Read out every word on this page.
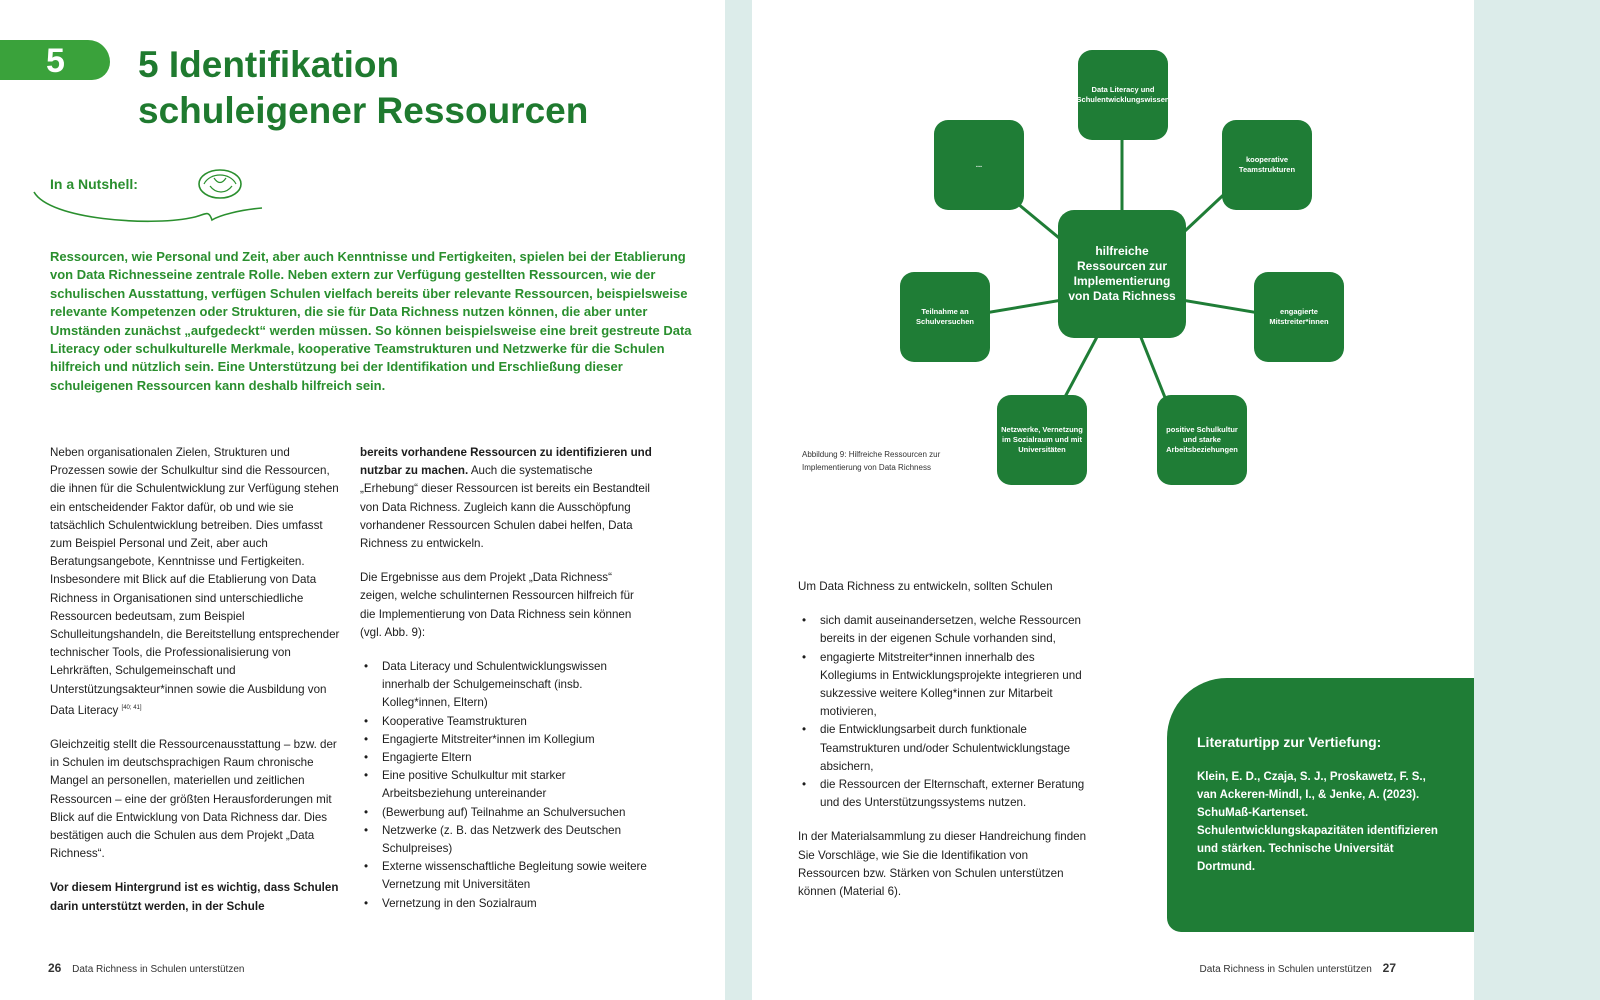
5 5 Identifikation
schuleigener Ressourcen
In a Nutshell:
Ressourcen, wie Personal und Zeit, aber auch Kenntnisse und Fertigkeiten, spielen bei der Etablierung von Data Richnesseine zentrale Rolle. Neben extern zur Verfügung gestellten Ressourcen, wie der schulischen Ausstattung, verfügen Schulen vielfach bereits über relevante Ressourcen, beispielsweise relevante Kompetenzen oder Strukturen, die sie für Data Richness nutzen können, die aber unter Umständen zunächst „aufgedeckt“ werden müssen. So können beispielsweise eine breit gestreute Data Literacy oder schulkulturelle Merkmale, kooperative Teamstrukturen und Netzwerke für die Schulen hilfreich und nützlich sein. Eine Unterstützung bei der Identifikation und Erschließung dieser schuleigenen Ressourcen kann deshalb hilfreich sein.

Neben organisationalen Zielen, Strukturen und Prozessen sowie der Schulkultur sind die Ressourcen, die ihnen für die Schulentwicklung zur Verfügung stehen ein entscheidender Faktor dafür, ob und wie sie tatsächlich Schulentwicklung betreiben. Dies umfasst zum Beispiel Personal und Zeit, aber auch Beratungsangebote, Kenntnisse und Fertigkeiten. Insbesondere mit Blick auf die Etablierung von Data Richness in Organisationen sind unterschiedliche Ressourcen bedeutsam, zum Beispiel Schulleitungshandeln, die Bereitstellung entsprechender technischer Tools, die Professionalisierung von Lehrkräften, Schulgemeinschaft und Unterstützungsakteur*innen sowie die Ausbildung von Data Literacy [40; 41]

Gleichzeitig stellt die Ressourcenausstattung – bzw. der in Schulen im deutschsprachigen Raum chronische Mangel an personellen, materiellen und zeitlichen Ressourcen – eine der größten Herausforderungen mit Blick auf die Entwicklung von Data Richness dar. Dies bestätigen auch die Schulen aus dem Projekt „Data Richness“.

Vor diesem Hintergrund ist es wichtig, dass Schulen darin unterstützt werden, in der Schule

bereits vorhandene Ressourcen zu identifizieren und nutzbar zu machen. Auch die systematische „Erhebung“ dieser Ressourcen ist bereits ein Bestandteil von Data Richness. Zugleich kann die Ausschöpfung vorhandener Ressourcen Schulen dabei helfen, Data Richness zu entwickeln.

Die Ergebnisse aus dem Projekt „Data Richness“ zeigen, welche schulinternen Ressourcen hilfreich für die Implementierung von Data Richness sein können (vgl. Abb. 9):

• Data Literacy und Schulentwicklungswissen innerhalb der Schulgemeinschaft (insb. Kolleg*innen, Eltern)
• Kooperative Teamstrukturen
• Engagierte Mitstreiter*innen im Kollegium
• Engagierte Eltern
• Eine positive Schulkultur mit starker Arbeitsbeziehung untereinander
• (Bewerbung auf) Teilnahme an Schulversuchen
• Netzwerke (z. B. das Netzwerk des Deutschen Schulpreises)
• Externe wissenschaftliche Begleitung sowie weitere Vernetzung mit Universitäten
• Vernetzung in den Sozialraum
26 Data Richness in Schulen unterstützen
Data Literacy und Schulentwicklungswissen
kooperative Teamstrukturen
engagierte Mitstreiter*innen
positive Schulkultur und starke Arbeitsbeziehungen
Netzwerke, Vernetzung im Sozialraum und mit Universitäten
Teilnahme an Schulversuchen
...
hilfreiche Ressourcen zur Implementierung von Data Richness
Abbildung 9: Hilfreiche Ressourcen zur Implementierung von Data Richness

Um Data Richness zu entwickeln, sollten Schulen

• sich damit auseinandersetzen, welche Ressourcen bereits in der eigenen Schule vorhanden sind,
• engagierte Mitstreiter*innen innerhalb des Kollegiums in Entwicklungsprojekte integrieren und sukzessive weitere Kolleg*innen zur Mitarbeit motivieren,
• die Entwicklungsarbeit durch funktionale Teamstrukturen und/oder Schulentwicklungstage absichern,
• die Ressourcen der Elternschaft, externer Beratung und des Unterstützungssystems nutzen.

In der Materialsammlung zu dieser Handreichung finden Sie Vorschläge, wie Sie die Identifikation von Ressourcen bzw. Stärken von Schulen unterstützen können (Material 6).

Literaturtipp zur Vertiefung:
Klein, E. D., Czaja, S. J., Proskawetz, F. S., van Ackeren-Mindl, I., & Jenke, A. (2023). SchuMaß-Kartenset. Schulentwicklungskapazitäten identifizieren und stärken. Technische Universität Dortmund.
Data Richness in Schulen unterstützen 27
